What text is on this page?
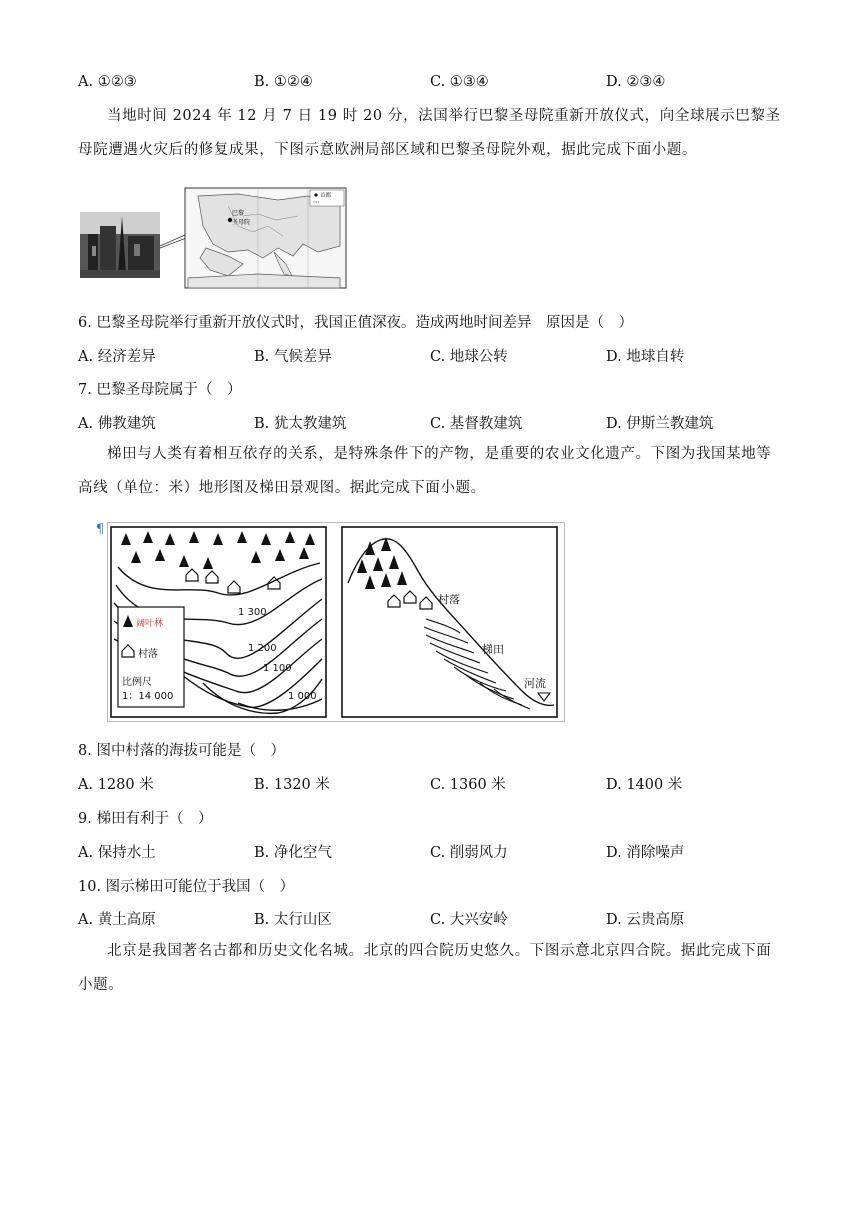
A. ①②③	B. ①②④	C. ①③④	D. ②③④
当地时间 2024 年 12 月 7 日 19 时 20 分，法国举行巴黎圣母院重新开放仪式，向全球展示巴黎圣母院遭遇火灾后的修复成果，下图示意欧洲局部区域和巴黎圣母院外观，据此完成下面小题。
巴黎
圣母院
首都
6. 巴黎圣母院举行重新开放仪式时，我国正值深夜。造成两地时间差异　原因是（　）
A. 经济差异	B. 气候差异	C. 地球公转	D. 地球自转
7. 巴黎圣母院属于（　）
A. 佛教建筑	B. 犹太教建筑	C. 基督教建筑	D. 伊斯兰教建筑
梯田与人类有着相互依存的关系，是特殊条件下的产物，是重要的农业文化遗产。下图为我国某地等高线（单位：米）地形图及梯田景观图。据此完成下面小题。
¶
1 300
1 200
1 100
1 000
阔叶林
村落
比例尺
1：14 000
村落
梯田
河流
8. 图中村落的海拔可能是（　）
A. 1280 米	B. 1320 米	C. 1360 米	D. 1400 米
9. 梯田有利于（　）
A. 保持水土	B. 净化空气	C. 削弱风力	D. 消除噪声
10. 图示梯田可能位于我国（　）
A. 黄土高原	B. 太行山区	C. 大兴安岭	D. 云贵高原
北京是我国著名古都和历史文化名城。北京的四合院历史悠久。下图示意北京四合院。据此完成下面小题。
